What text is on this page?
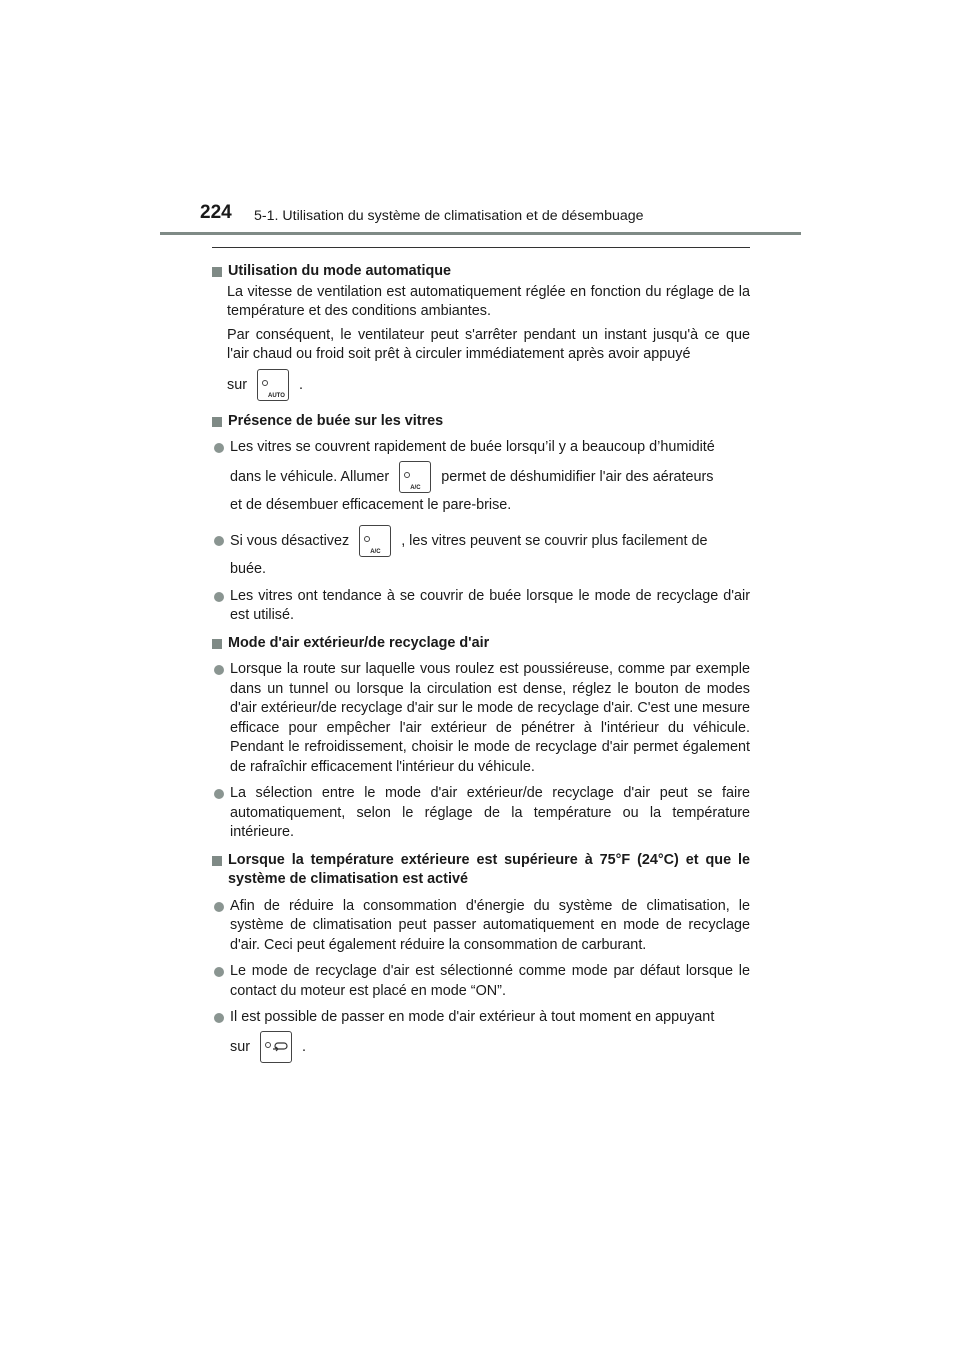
224 5-1. Utilisation du système de climatisation et de désembuage
Utilisation du mode automatique
La vitesse de ventilation est automatiquement réglée en fonction du réglage de la température et des conditions ambiantes.
Par conséquent, le ventilateur peut s'arrêter pendant un instant jusqu'à ce que l'air chaud ou froid soit prêt à circuler immédiatement après avoir appuyé
sur
AUTO
.
Présence de buée sur les vitres
Les vitres se couvrent rapidement de buée lorsqu’il y a beaucoup d’humidité
dans le véhicule. Allumer
A/C
permet de déshumidifier l'air des aérateurs
et de désembuer efficacement le pare-brise.
Si vous désactivez
A/C
, les vitres peuvent se couvrir plus facilement de
buée.
Les vitres ont tendance à se couvrir de buée lorsque le mode de recyclage d'air est utilisé.
Mode d'air extérieur/de recyclage d'air
Lorsque la route sur laquelle vous roulez est poussiéreuse, comme par exemple dans un tunnel ou lorsque la circulation est dense, réglez le bouton de modes d'air extérieur/de recyclage d'air sur le mode de recyclage d'air. C'est une mesure efficace pour empêcher l'air extérieur de pénétrer à l'intérieur du véhicule. Pendant le refroidissement, choisir le mode de recyclage d'air permet également de rafraîchir efficacement l'intérieur du véhicule.
La sélection entre le mode d'air extérieur/de recyclage d'air peut se faire automatiquement, selon le réglage de la température ou la température intérieure.
Lorsque la température extérieure est supérieure à 75°F (24°C) et que le système de climatisation est activé
Afin de réduire la consommation d'énergie du système de climatisation, le système de climatisation peut passer automatiquement en mode de recyclage d'air. Ceci peut également réduire la consommation de carburant.
Le mode de recyclage d'air est sélectionné comme mode par défaut lorsque le contact du moteur est placé en mode “ON”.
Il est possible de passer en mode d'air extérieur à tout moment en appuyant
sur	.
